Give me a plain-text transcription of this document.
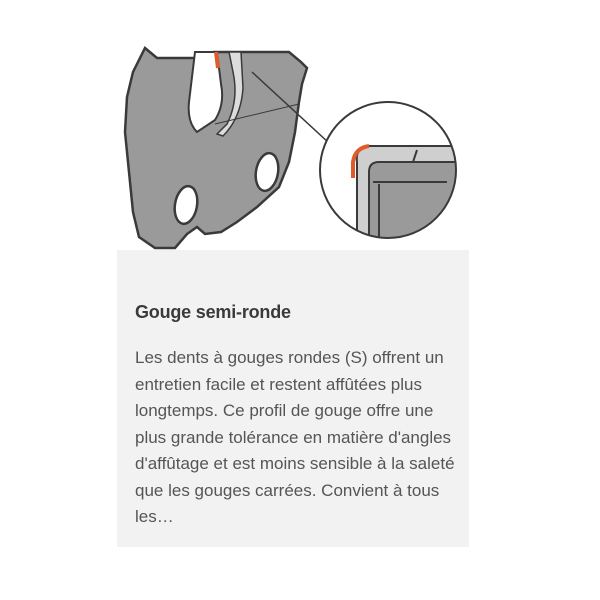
Gouge semi-ronde
Les dents à gouges rondes (S) offrent un entretien facile et restent affûtées plus longtemps. Ce profil de gouge offre une plus grande tolérance en matière d'angles d'affûtage et est moins sensible à la saleté que les gouges carrées. Convient à tous les…
